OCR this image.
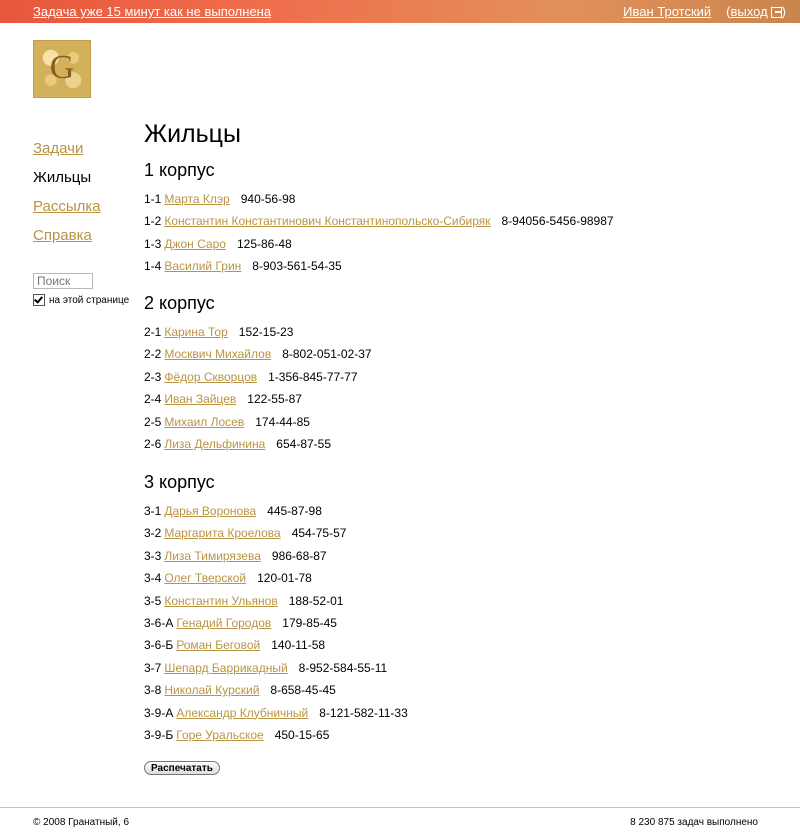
Задача уже 15 минут как не выполнена	Иван Тротский ( выход )
G
Задачи
Жильцы
Рассылка
Справка
Поиск
на этой странице
Жильцы
1 корпус
1-1 Марта Клэр 940-56-98
1-2 Константин Константинович Константинопольско-Сибиряк 8-94056-5456-98987
1-3 Джон Саро 125-86-48
1-4 Василий Грин 8-903-561-54-35
2 корпус
2-1 Карина Тор 152-15-23
2-2 Москвич Михайлов 8-802-051-02-37
2-3 Фёдор Скворцов 1-356-845-77-77
2-4 Иван Зайцев 122-55-87
2-5 Михаил Лосев 174-44-85
2-6 Лиза Дельфинина 654-87-55
3 корпус
3-1 Дарья Воронова 445-87-98
3-2 Маргарита Кроелова 454-75-57
3-3 Лиза Тимирязева 986-68-87
3-4 Олег Тверской 120-01-78
3-5 Константин Ульянов 188-52-01
3-6-А Генадий Городов 179-85-45
3-6-Б Роман Беговой 140-11-58
3-7 Шепард Баррикадный 8-952-584-55-11
3-8 Николай Курский 8-658-45-45
3-9-А Александр Клубничный 8-121-582-11-33
3-9-Б Горе Уральское 450-15-65
Распечатать
© 2008 Гранатный, 6	8 230 875 задач выполнено
